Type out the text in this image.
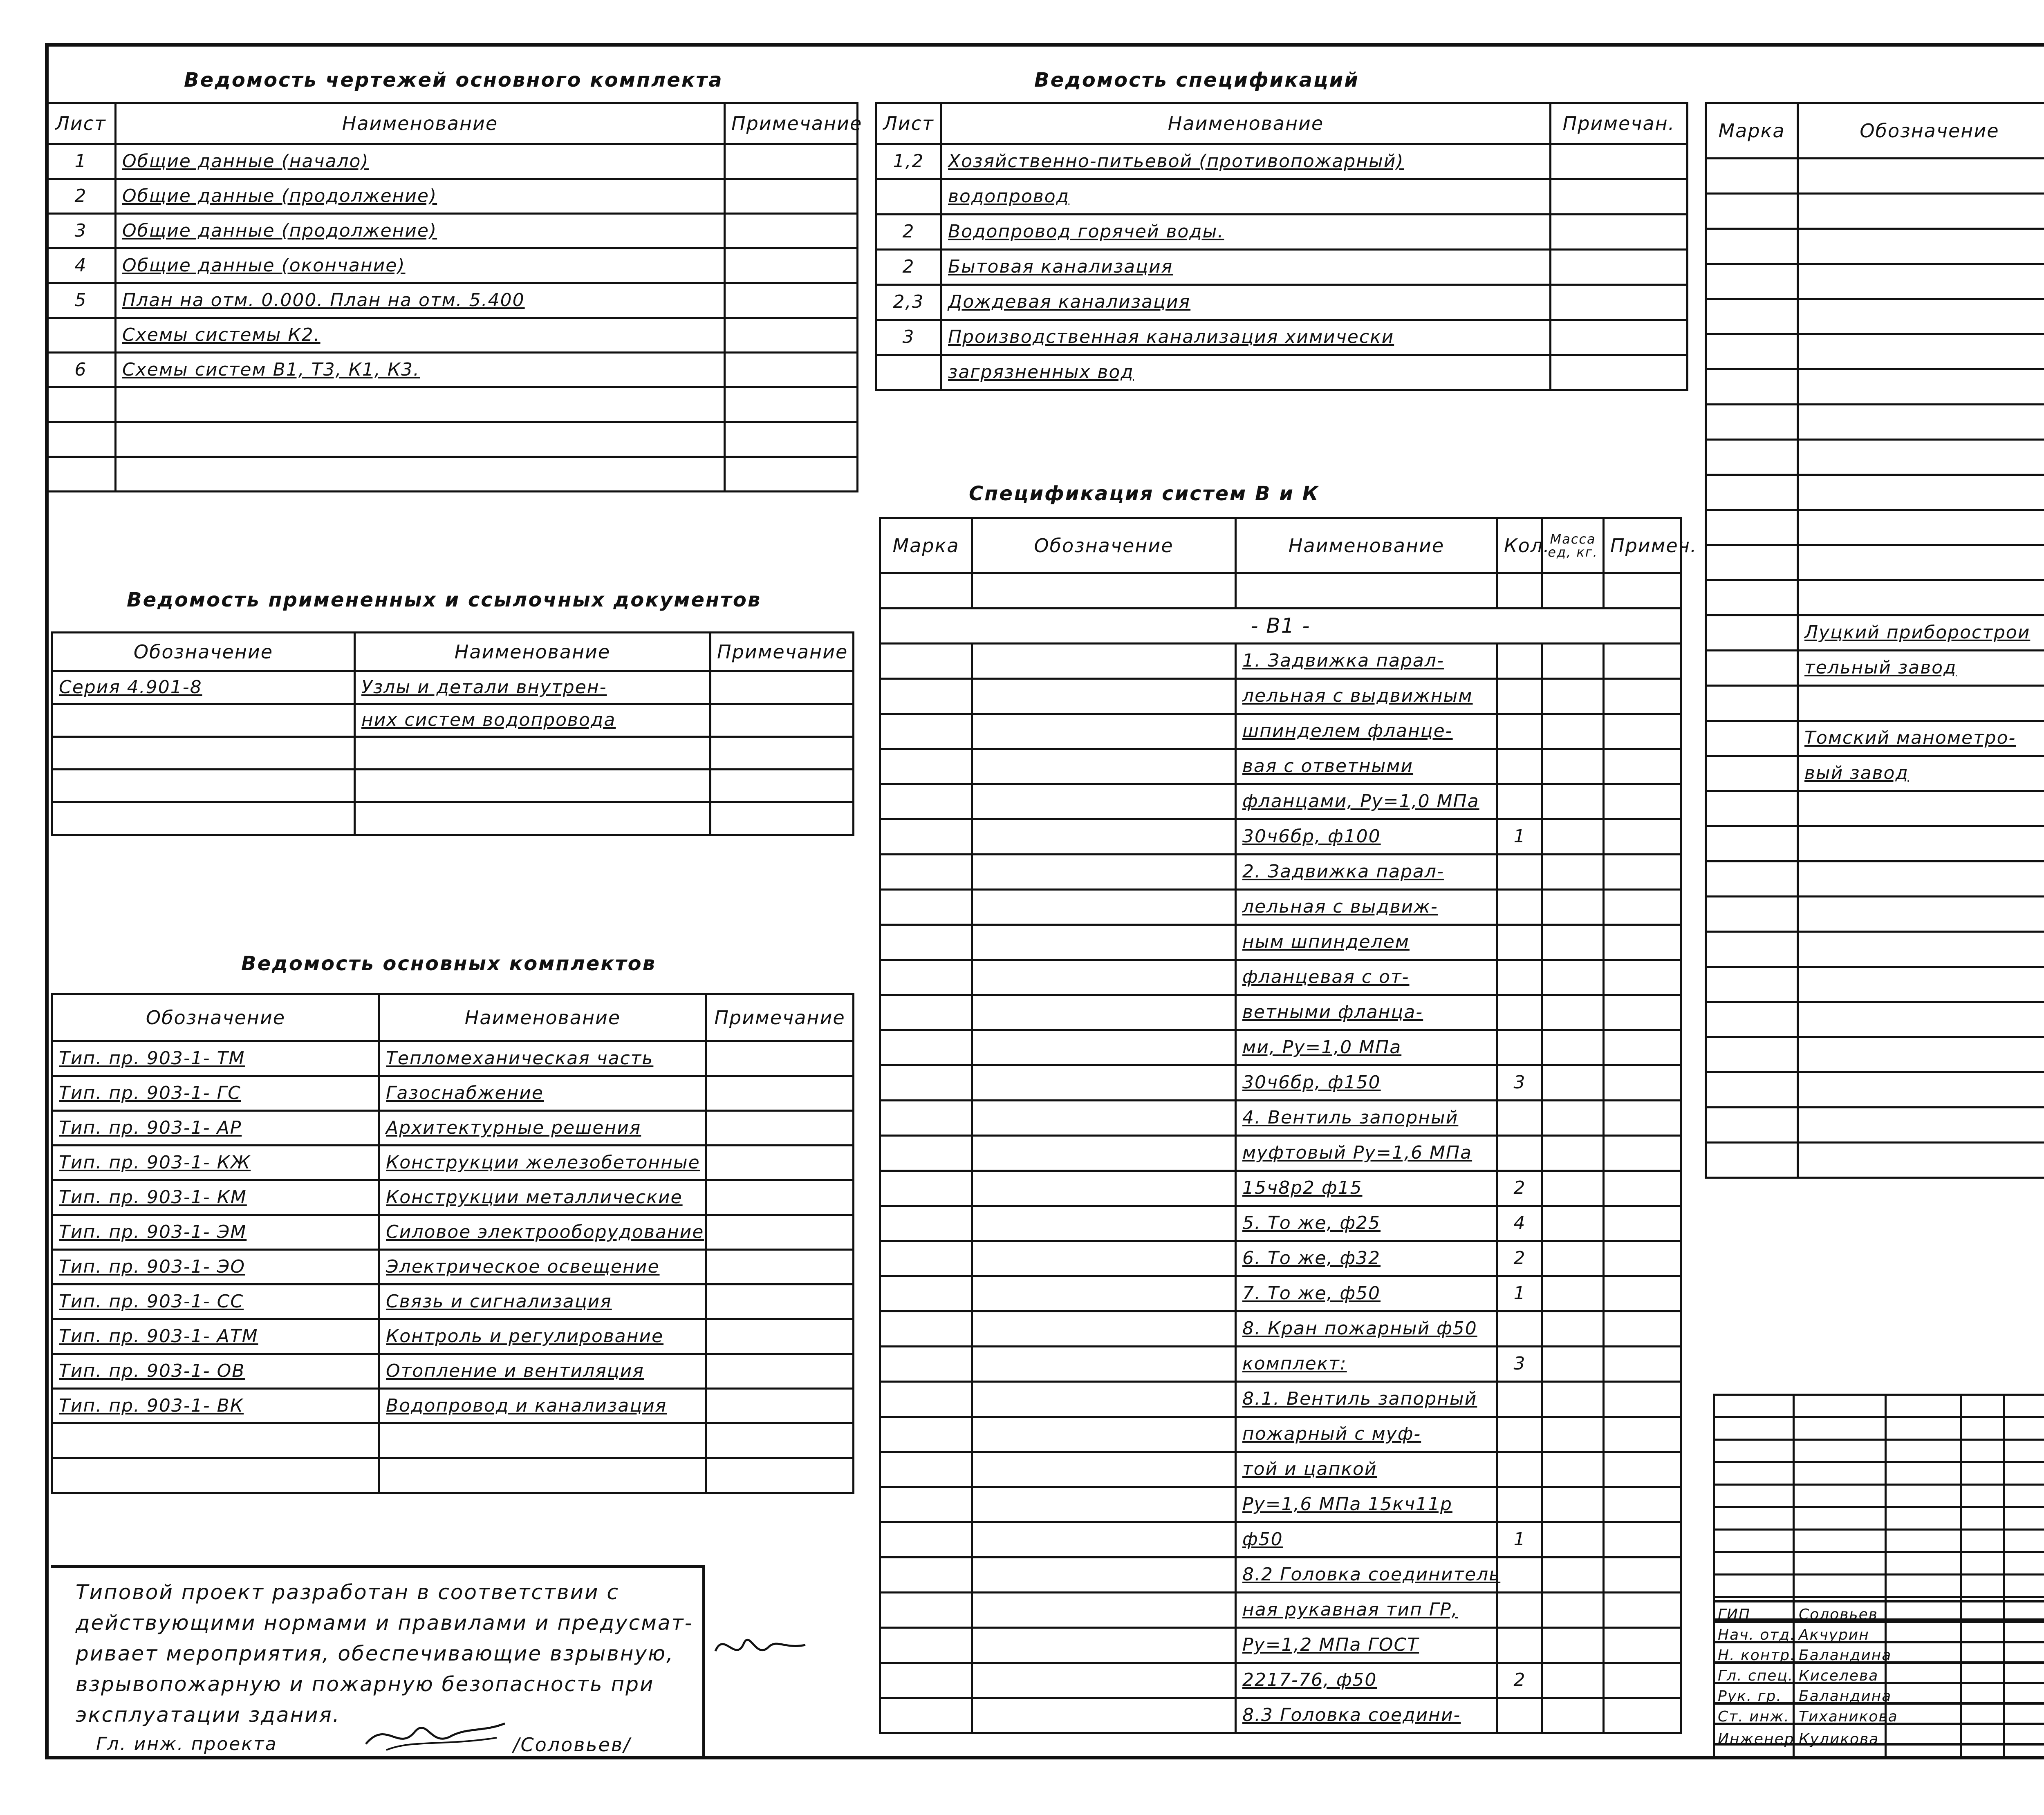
Ведомость чертежей основного комплекта
Лист	Наименование	Примечание
1	Общие данные (начало)	
2	Общие данные (продолжение)	
3	Общие данные (продолжение)	
4	Общие данные (окончание)	
5	План на отм. 0.000. План на отм. 5.400	
	Схемы системы К2.	
6	Схемы систем В1, Т3, К1, К3.	

Ведомость спецификаций
Лист	Наименование	Примечан.
1,2	Хозяйственно-питьевой (противопожарный)	
	водопровод	
2	Водопровод горячей воды.	
2	Бытовая канализация	
2,3	Дождевая канализация	
3	Производственная канализация химически	
	загрязненных вод	
Ведомость примененных и ссылочных документов
Обозначение	Наименование	Примечание
Серия 4.901-8	Узлы и детали внутрен-	
	них систем водопровода	

Ведомость основных комплектов
Обозначение	Наименование	Примечание
Тип. пр. 903-1- ТМ	Тепломеханическая часть	
Тип. пр. 903-1- ГС	Газоснабжение	
Тип. пр. 903-1- АР	Архитектурные решения	
Тип. пр. 903-1- КЖ	Конструкции железобетонные	
Тип. пр. 903-1- КМ	Конструкции металлические	
Тип. пр. 903-1- ЭМ	Силовое электрооборудование	
Тип. пр. 903-1- ЭО	Электрическое освещение	
Тип. пр. 903-1- СС	Связь и сигнализация	
Тип. пр. 903-1- АТМ	Контроль и регулирование	
Тип. пр. 903-1- ОВ	Отопление и вентиляция	
Тип. пр. 903-1- ВК	Водопровод и канализация	

Спецификация систем В и К
Марка	Обозначение	Наименование	Кол.	Масса ед, кг.	Примеч.

- В1 -					
		1. Задвижка парал-			
		лельная с выдвижным			
		шпинделем фланце-			
		вая с ответными			
		фланцами, Ру=1,0 МПа			
		30ч6бр, ф100	1		
		2. Задвижка парал-			
		лельная с выдвиж-			
		ным шпинделем			
		фланцевая с от-			
		ветными фланца-			
		ми, Ру=1,0 МПа			
		30ч6бр, ф150	3		
		4. Вентиль запорный			
		муфтовый Ру=1,6 МПа			
		15ч8р2 ф15	2		
		5. То же, ф25	4		
		6. То же, ф32	2		
		7. То же, ф50	1		
		8. Кран пожарный ф50			
		комплект:	3		
		8.1. Вентиль запорный			
		пожарный с муф-			
		той и цапкой			
		Ру=1,6 МПа 15кч11р			
		ф50	1		
		8.2 Головка соединитель			
		ная рукавная тип ГР,			
		Ру=1,2 МПа ГОСТ			
		2217-76, ф50	2		
		8.3 Головка соедини-			
Марка	Обозначение				

	Луцкий приборострои				
	тельный завод				

	Томский манометро-				
	вый завод				

Типовой проект разработан в соответствии с
действующими нормами и правилами и предусмат-
ривает мероприятия, обеспечивающие взрывную,
взрывопожарную и пожарную безопасность при
эксплуатации здания.
Гл. инж. проекта	/Соловьев/
ГИП	Соловьев
Нач. отд. Акчурин
Н. контр. Баландина
Гл. спец. Киселева
Рук. гр. Баландина
Ст. инж. Тиханикова
Инженер Куликова
